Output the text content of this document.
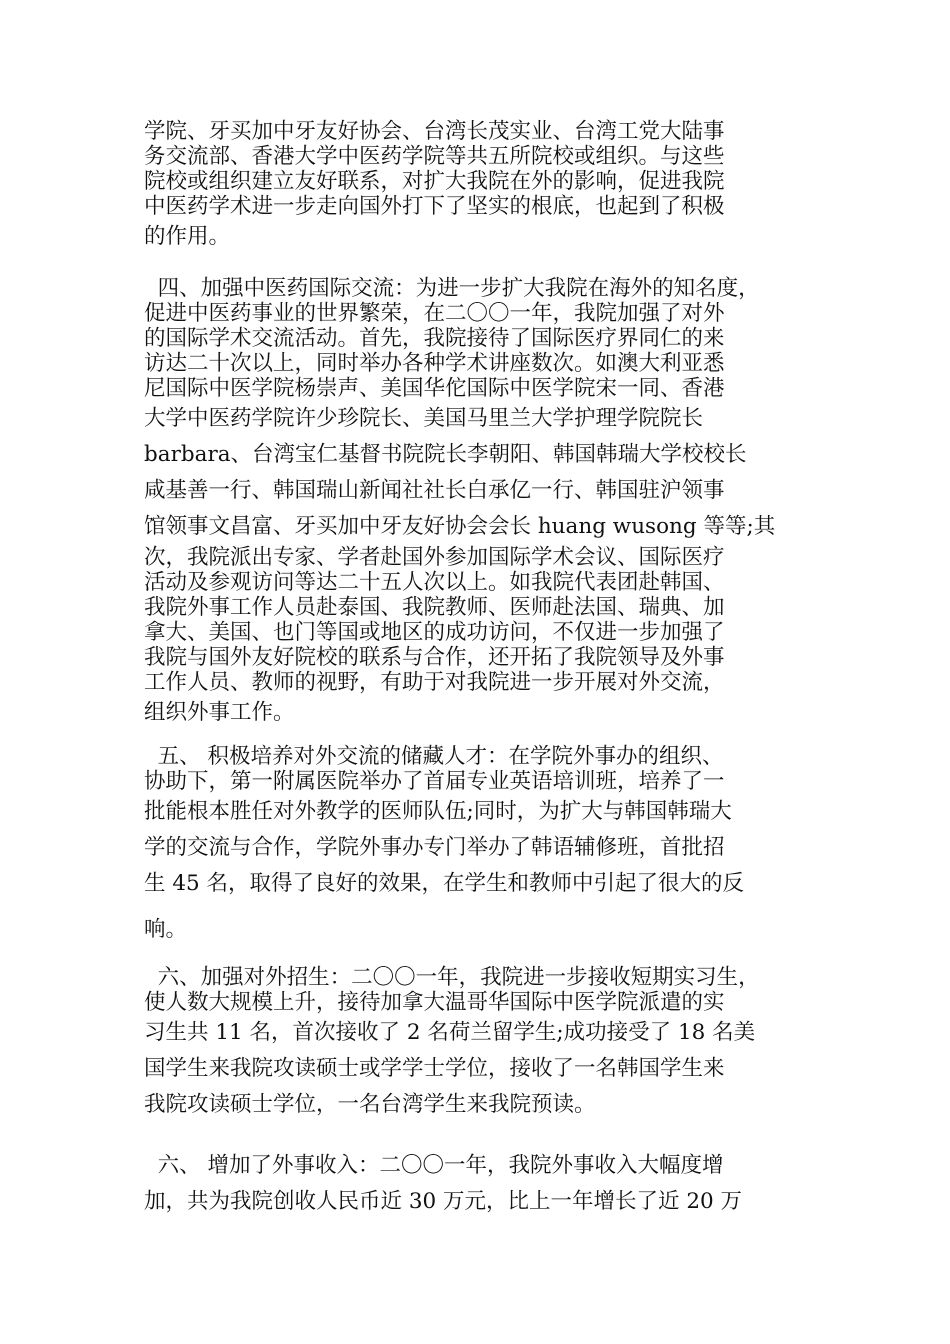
学院、牙买加中牙友好协会、台湾长茂实业、台湾工党大陆事
务交流部、香港大学中医药学院等共五所院校或组织。与这些
院校或组织建立友好联系，对扩大我院在外的影响，促进我院
中医药学术进一步走向国外打下了坚实的根底，也起到了积极
的作用。
四、加强中医药国际交流：为进一步扩大我院在海外的知名度，
促进中医药事业的世界繁荣，在二〇〇一年，我院加强了对外
的国际学术交流活动。首先，我院接待了国际医疗界同仁的来
访达二十次以上，同时举办各种学术讲座数次。如澳大利亚悉
尼国际中医学院杨崇声、美国华佗国际中医学院宋一同、香港
大学中医药学院许少珍院长、美国马里兰大学护理学院院长
barbara、台湾宝仁基督书院院长李朝阳、韩国韩瑞大学校校长
咸基善一行、韩国瑞山新闻社社长白承亿一行、韩国驻沪领事
馆领事文昌富、牙买加中牙友好协会会长 huang wusong 等等;其
次，我院派出专家、学者赴国外参加国际学术会议、国际医疗
活动及参观访问等达二十五人次以上。如我院代表团赴韩国、
我院外事工作人员赴泰国、我院教师、医师赴法国、瑞典、加
拿大、美国、也门等国或地区的成功访问，不仅进一步加强了
我院与国外友好院校的联系与合作，还开拓了我院领导及外事
工作人员、教师的视野，有助于对我院进一步开展对外交流，
组织外事工作。
五、 积极培养对外交流的储藏人才：在学院外事办的组织、
协助下，第一附属医院举办了首届专业英语培训班，培养了一
批能根本胜任对外教学的医师队伍;同时，为扩大与韩国韩瑞大
学的交流与合作，学院外事办专门举办了韩语辅修班，首批招
生 45 名，取得了良好的效果，在学生和教师中引起了很大的反
响。
六、加强对外招生：二〇〇一年，我院进一步接收短期实习生，
使人数大规模上升，接待加拿大温哥华国际中医学院派遣的实
习生共 11 名，首次接收了 2 名荷兰留学生;成功接受了 18 名美
国学生来我院攻读硕士或学学士学位，接收了一名韩国学生来
我院攻读硕士学位，一名台湾学生来我院预读。
六、 增加了外事收入：二〇〇一年，我院外事收入大幅度增
加，共为我院创收人民币近 30 万元，比上一年增长了近 20 万
